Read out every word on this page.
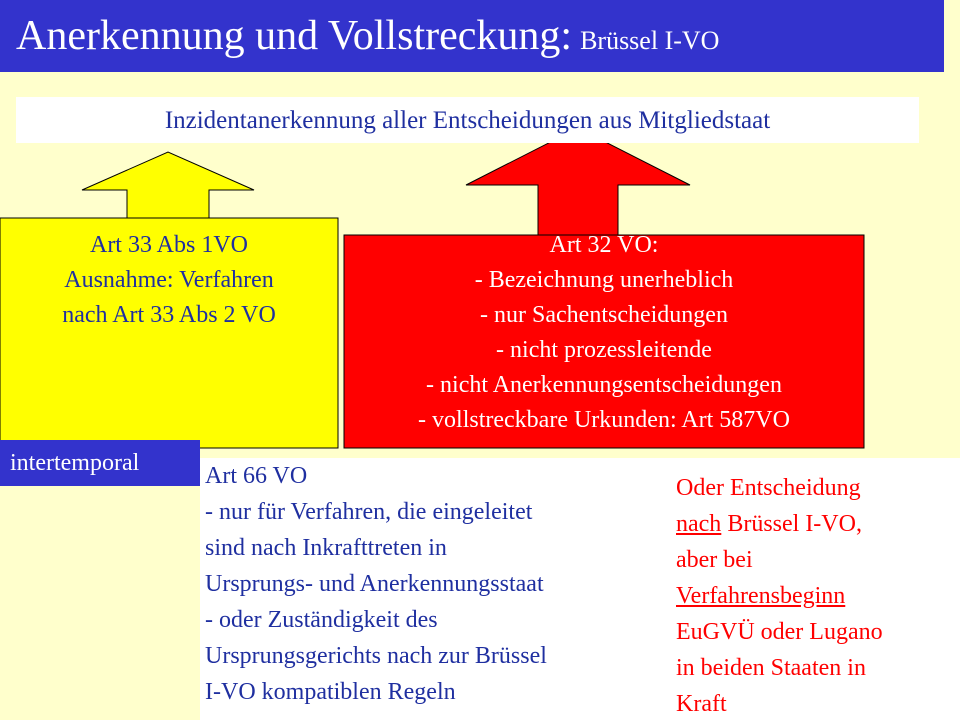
Anerkennung und Vollstreckung: Brüssel I-VO
Inzidentanerkennung aller Entscheidungen aus Mitgliedstaat
Art 33 Abs 1VO
Ausnahme: Verfahren
nach Art 33 Abs 2 VO
Art 32 VO:
- Bezeichnung unerheblich
- nur Sachentscheidungen
- nicht prozessleitende
- nicht Anerkennungsentscheidungen
- vollstreckbare Urkunden: Art 587VO
intertemporal	Art 66 VO
- nur für Verfahren, die eingeleitet
sind nach Inkrafttreten in
Ursprungs- und Anerkennungsstaat
- oder Zuständigkeit des
Ursprungsgerichts nach zur Brüssel
I-VO kompatiblen Regeln
Oder Entscheidung
nach Brüssel I-VO,
aber bei
Verfahrensbeginn
EuGVÜ oder Lugano
in beiden Staaten in
Kraft
